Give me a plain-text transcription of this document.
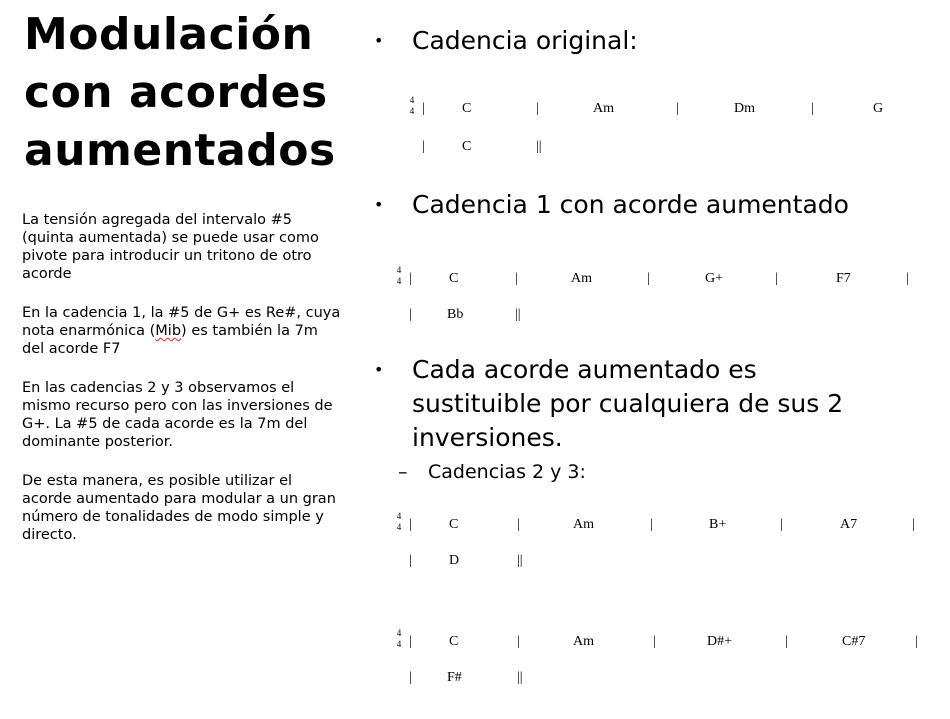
Modulación
con acordes
aumentados

La tensión agregada del intervalo #5 (quinta aumentada) se puede usar como pivote para introducir un tritono de otro acorde

En la cadencia 1, la #5 de G+ es Re#, cuya nota enarmónica (Mib) es también la 7m del acorde F7

En las cadencias 2 y 3 observamos el mismo recurso pero con las inversiones de G+. La #5 de cada acorde es la 7m del dominante posterior.

De esta manera, es posible utilizar el acorde aumentado para modular a un gran número de tonalidades de modo simple y directo.

• Cadencia original:
• Cadencia 1 con acorde aumentado
• Cada acorde aumentado es sustituible por cualquiera de sus 2 inversiones.
– Cadencias 2 y 3:
4
4 |	C	|	Am	|	Dm	|	G
|	C	||
4
4 |	C	|	Am	|	G+	|	F7	|
|	Bb	||
4
4 |	C	|	Am	|	B+	|	A7	|
|	D	||
4
4 |	C	|	Am	|	D#+	|	C#7	|
|	F#	||
